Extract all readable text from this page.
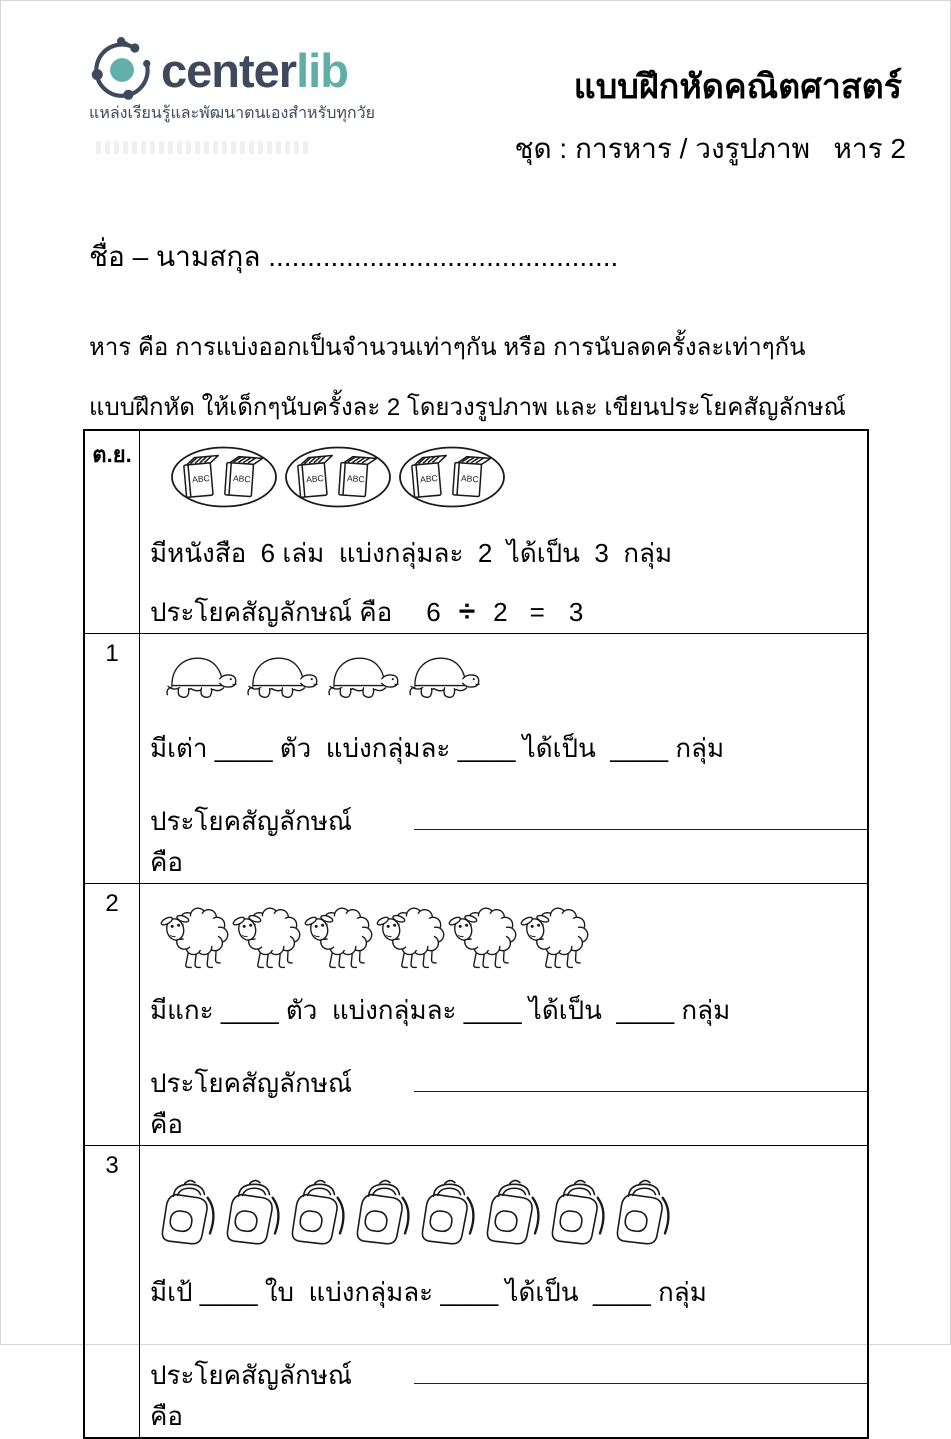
centerlib
แหล่งเรียนรู้และพัฒนาตนเองสำหรับทุกวัย
แบบฝึกหัดคณิตศาสตร์
ชุด : การหาร / วงรูปภาพ   หาร 2
ชื่อ – นามสกุล .............................................
หาร คือ การแบ่งออกเป็นจำนวนเท่าๆกัน หรือ การนับลดครั้งละเท่าๆกัน
แบบฝึกหัด ให้เด็กๆนับครั้งละ 2 โดยวงรูปภาพ และ เขียนประโยคสัญลักษณ์
ต.ย.
มีหนังสือ  6 เล่ม  แบ่งกลุ่มละ  2  ได้เป็น  3  กลุ่ม
ประโยคสัญลักษณ์ คือ 6 ÷ 2 = 3
1
มีเต่า ____ ตัว  แบ่งกลุ่มละ ____ ได้เป็น  ____ กลุ่ม
ประโยคสัญลักษณ์  คือ
2
มีแกะ ____ ตัว  แบ่งกลุ่มละ ____ ได้เป็น  ____ กลุ่ม
ประโยคสัญลักษณ์  คือ
3
มีเป้ ____ ใบ  แบ่งกลุ่มละ ____ ได้เป็น  ____ กลุ่ม
ประโยคสัญลักษณ์  คือ
